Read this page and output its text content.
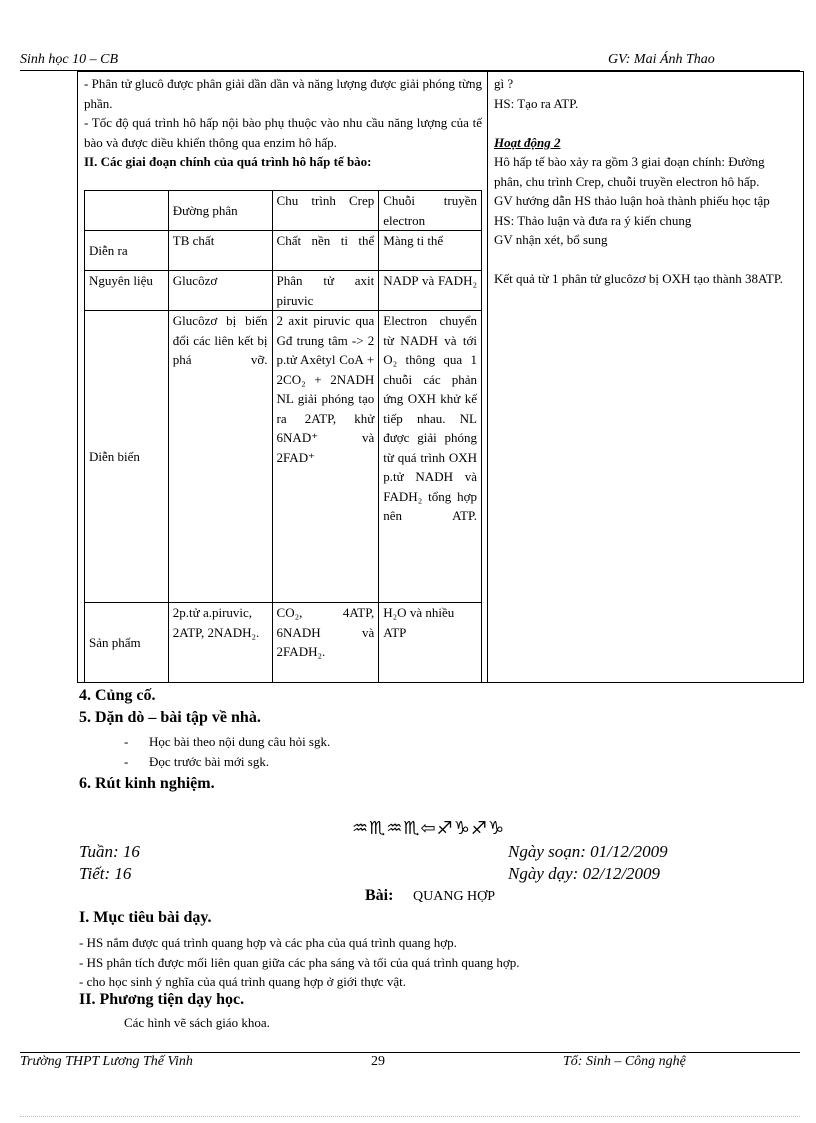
Sinh học 10 – CB	GV: Mai Ánh Thao

- Phân tử glucô được phân giải dần dần và năng lượng được giải phóng từng phần.

- Tốc độ quá trình hô hấp nội bào phụ thuộc vào nhu cầu năng lượng của tế bào và được diều khiển thông qua enzim hô hấp.

II. Các giai đoạn chính của quá trình hô hấp tế bào:

	Đường phân	Chu trình Crep	Chuỗi truyền electron
Diễn ra	TB chất	Chất nền ti thể	Màng ti thể
Nguyên liệu	Glucôzơ	Phân tử axit piruvic	NADP và FADH₂
Diễn biến	Glucôzơ bị biến đổi các liên kết bị phá vỡ.	2 axit piruvic qua Gđ trung tâm -> 2 p.tử Axêtyl CoA + 2CO₂ + 2NADH NL giải phóng tạo ra 2ATP, khử 6NAD⁺ và 2FAD⁺	Electron chuyển từ NADH và tới O₂ thông qua 1 chuỗi các phản ứng OXH khử kế tiếp nhau. NL được giải phóng từ quá trình OXH p.tử NADH và FADH₂ tổng hợp nên ATP.
Sản phẩm	2p.tử a.piruvic, 2ATP, 2NADH₂.	CO₂, 4ATP, 6NADH và 2FADH₂.	H₂O và nhiều ATP

gì ?

HS: Tạo ra ATP.

Hoạt động 2

Hô hấp tế bào xảy ra gồm 3 giai đoạn chính: Đường phân, chu trình Crep, chuỗi truyền electron hô hấp.

GV hướng dẫn HS thảo luận hoà thành phiếu học tập

HS: Thảo luận và đưa ra ý kiến chung

GV nhận xét, bổ sung

Kết quả từ 1 phân tử glucôzơ bị OXH tạo thành 38ATP.

4. Củng cố.
5. Dặn dò – bài tập về nhà.
- Học bài theo nội dung câu hỏi sgk.
- Đọc trước bài mới sgk.
6. Rút kinh nghiệm.
♒♏♒♏⇦♐♑♐♑
Tuần: 16
Tiết: 16
Ngày soạn: 01/12/2009
Ngày dạy: 02/12/2009
Bài: QUANG HỢP
I. Mục tiêu bài dạy.

- HS nắm được quá trình quang hợp và các pha của quá trình quang hợp.

- HS phân tích được mối liên quan giữa các pha sáng và tối của quá trình quang hợp.

- cho học sinh ý nghĩa của quá trình quang hợp ở giới thực vật.

II. Phương tiện dạy học.
Các hình vẽ sách giáo khoa.
Trường THPT Lương Thế Vinh	29	Tổ: Sinh – Công nghệ
